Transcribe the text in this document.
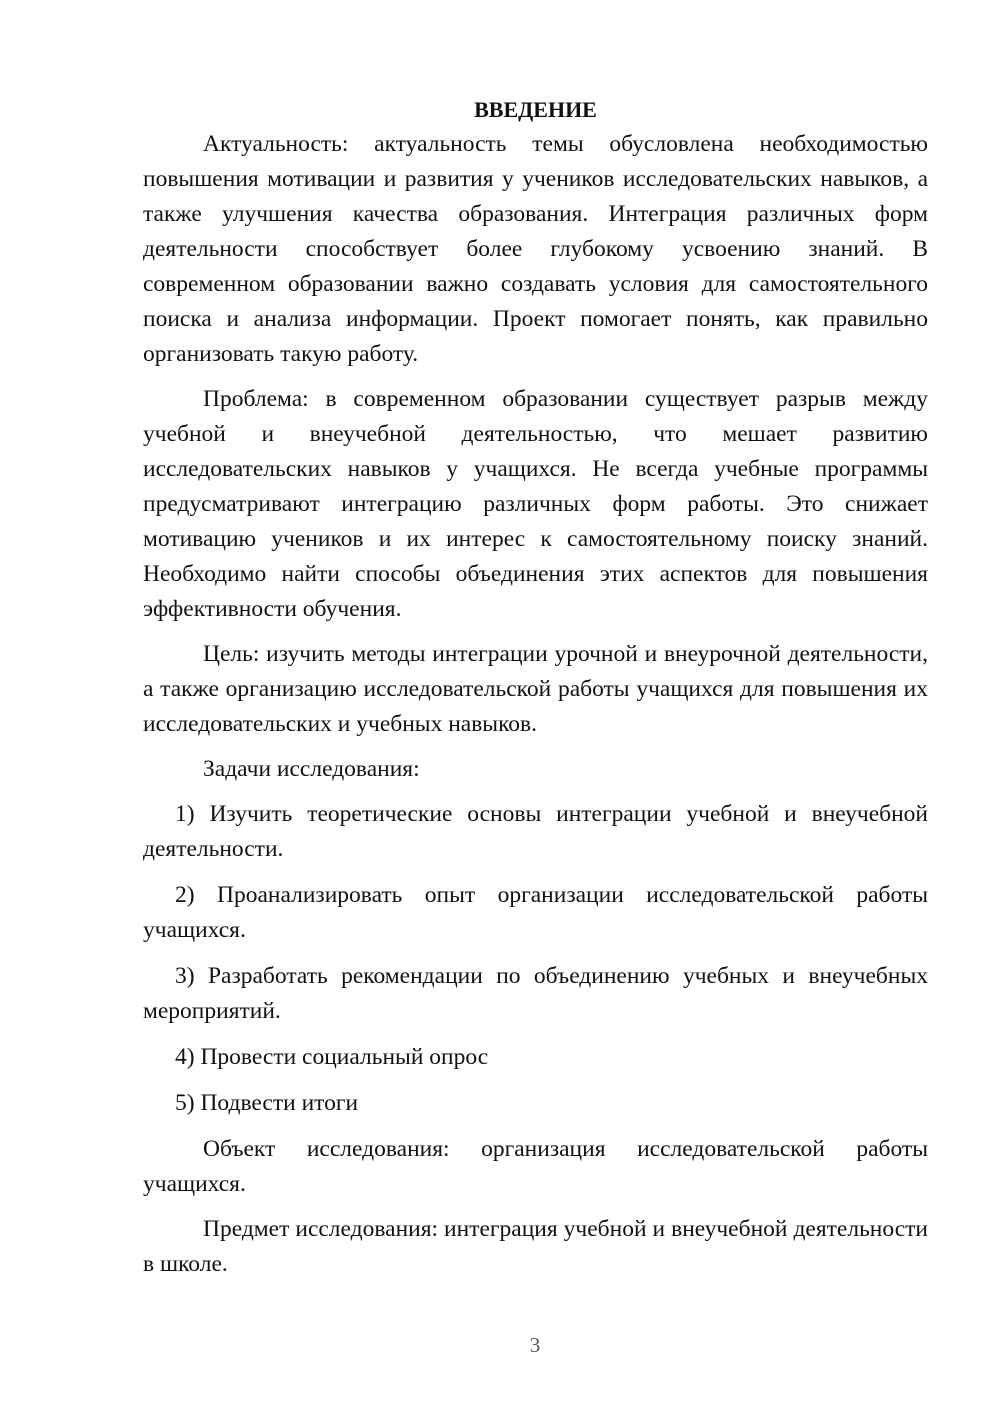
ВВЕДЕНИЕ

Актуальность: актуальность темы обусловлена необходимостью повышения мотивации и развития у учеников исследовательских навыков, а также улучшения качества образования. Интеграция различных форм деятельности способствует более глубокому усвоению знаний. В современном образовании важно создавать условия для самостоятельного поиска и анализа информации. Проект помогает понять, как правильно организовать такую работу.

Проблема: в современном образовании существует разрыв между учебной и внеучебной деятельностью, что мешает развитию исследовательских навыков у учащихся. Не всегда учебные программы предусматривают интеграцию различных форм работы. Это снижает мотивацию учеников и их интерес к самостоятельному поиску знаний. Необходимо найти способы объединения этих аспектов для повышения эффективности обучения.

Цель: изучить методы интеграции урочной и внеурочной деятельности, а также организацию исследовательской работы учащихся для повышения их исследовательских и учебных навыков.

Задачи исследования:

1) Изучить теоретические основы интеграции учебной и внеучебной деятельности.

2) Проанализировать опыт организации исследовательской работы учащихся.

3) Разработать рекомендации по объединению учебных и внеучебных мероприятий.

4) Провести социальный опрос

5) Подвести итоги

Объект исследования: организация исследовательской работы учащихся.

Предмет исследования: интеграция учебной и внеучебной деятельности в школе.

3
